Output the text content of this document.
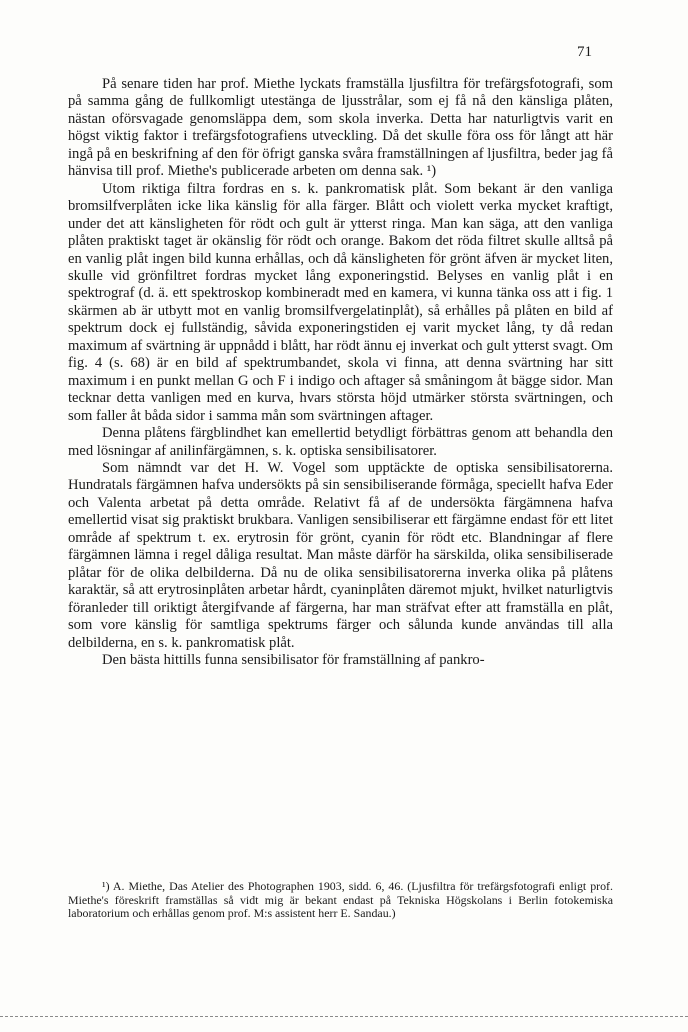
71

På senare tiden har prof. Miethe lyckats framställa ljusfiltra för trefärgsfotografi, som på samma gång de fullkomligt utestänga de ljusstrålar, som ej få nå den känsliga plåten, nästan oförsvagade genomsläppa dem, som skola inverka. Detta har naturligtvis varit en högst viktig faktor i trefärgsfotografiens utveckling. Då det skulle föra oss för långt att här ingå på en beskrifning af den för öfrigt ganska svåra framställningen af ljusfiltra, beder jag få hänvisa till prof. Miethe's publicerade arbeten om denna sak. ¹)

Utom riktiga filtra fordras en s. k. pankromatisk plåt. Som bekant är den vanliga bromsilfverplåten icke lika känslig för alla färger. Blått och violett verka mycket kraftigt, under det att känsligheten för rödt och gult är ytterst ringa. Man kan säga, att den vanliga plåten praktiskt taget är okänslig för rödt och orange. Bakom det röda filtret skulle alltså på en vanlig plåt ingen bild kunna erhållas, och då känsligheten för grönt äfven är mycket liten, skulle vid grönfiltret fordras mycket lång exponeringstid. Belyses en vanlig plåt i en spektrograf (d. ä. ett spektroskop kombineradt med en kamera, vi kunna tänka oss att i fig. 1 skärmen ab är utbytt mot en vanlig bromsilfvergelatinplåt), så erhålles på plåten en bild af spektrum dock ej fullständig, såvida exponeringstiden ej varit mycket lång, ty då redan maximum af svärtning är uppnådd i blått, har rödt ännu ej inverkat och gult ytterst svagt. Om fig. 4 (s. 68) är en bild af spektrumbandet, skola vi finna, att denna svärtning har sitt maximum i en punkt mellan G och F i indigo och aftager så småningom åt bägge sidor. Man tecknar detta vanligen med en kurva, hvars största höjd utmärker största svärtningen, och som faller åt båda sidor i samma mån som svärtningen aftager.

Denna plåtens färgblindhet kan emellertid betydligt förbättras genom att behandla den med lösningar af anilinfärgämnen, s. k. optiska sensibilisatorer.

Som nämndt var det H. W. Vogel som upptäckte de optiska sensibilisatorerna. Hundratals färgämnen hafva undersökts på sin sensibiliserande förmåga, speciellt hafva Eder och Valenta arbetat på detta område. Relativt få af de undersökta färgämnena hafva emellertid visat sig praktiskt brukbara. Vanligen sensibiliserar ett färgämne endast för ett litet område af spektrum t. ex. erytrosin för grönt, cyanin för rödt etc. Blandningar af flere färgämnen lämna i regel dåliga resultat. Man måste därför ha särskilda, olika sensibiliserade plåtar för de olika delbilderna. Då nu de olika sensibilisatorerna inverka olika på plåtens karaktär, så att erytrosinplåten arbetar hårdt, cyaninplåten däremot mjukt, hvilket naturligtvis föranleder till oriktigt återgifvande af färgerna, har man sträfvat efter att framställa en plåt, som vore känslig för samtliga spektrums färger och sålunda kunde användas till alla delbilderna, en s. k. pankromatisk plåt.

Den bästa hittills funna sensibilisator för framställning af pankro-

¹) A. Miethe, Das Atelier des Photographen 1903, sidd. 6, 46. (Ljusfiltra för trefärgsfotografi enligt prof. Miethe's föreskrift framställas så vidt mig är bekant endast på Tekniska Högskolans i Berlin fotokemiska laboratorium och erhållas genom prof. M:s assistent herr E. Sandau.)
